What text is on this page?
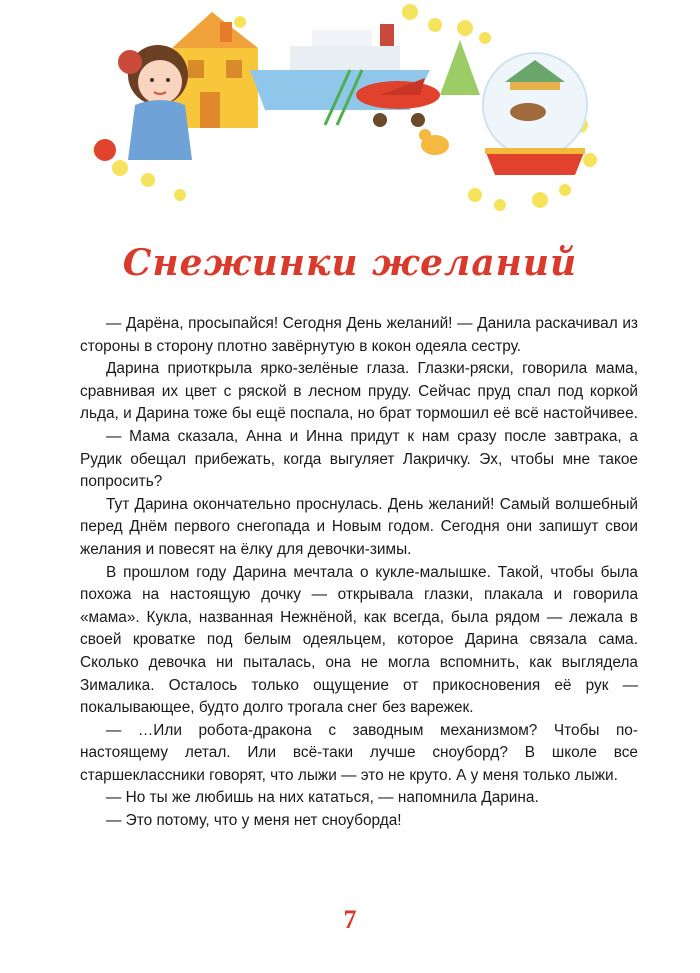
Снежинки желаний

— Дарёна, просыпайся! Сегодня День желаний! — Данила раскачивал из стороны в сторону плотно завёрнутую в кокон одеяла сестру.

Дарина приоткрыла ярко-зелёные глаза. Глазки-ряски, говорила мама, сравнивая их цвет с ряской в лесном пруду. Сейчас пруд спал под коркой льда, и Дарина тоже бы ещё поспала, но брат тормошил её всё настойчивее.

— Мама сказала, Анна и Инна придут к нам сразу после завтрака, а Рудик обещал прибежать, когда выгуляет Лакричку. Эх, чтобы мне такое попросить?

Тут Дарина окончательно проснулась. День желаний! Самый волшебный перед Днём первого снегопада и Новым годом. Сегодня они запишут свои желания и повесят на ёлку для девочки-зимы.

В прошлом году Дарина мечтала о кукле-малышке. Такой, чтобы была похожа на настоящую дочку — открывала глазки, плакала и говорила «мама». Кукла, названная Нежнёной, как всегда, была рядом — лежала в своей кроватке под белым одеяльцем, которое Дарина связала сама. Сколько девочка ни пыталась, она не могла вспомнить, как выглядела Зималика. Осталось только ощущение от прикосновения её рук — покалывающее, будто долго трогала снег без варежек.

— …Или робота-дракона с заводным механизмом? Чтобы по-настоящему летал. Или всё-таки лучше сноуборд? В школе все старшеклассники говорят, что лыжи — это не круто. А у меня только лыжи.

— Но ты же любишь на них кататься, — напомнила Дарина.

— Это потому, что у меня нет сноуборда!

7
